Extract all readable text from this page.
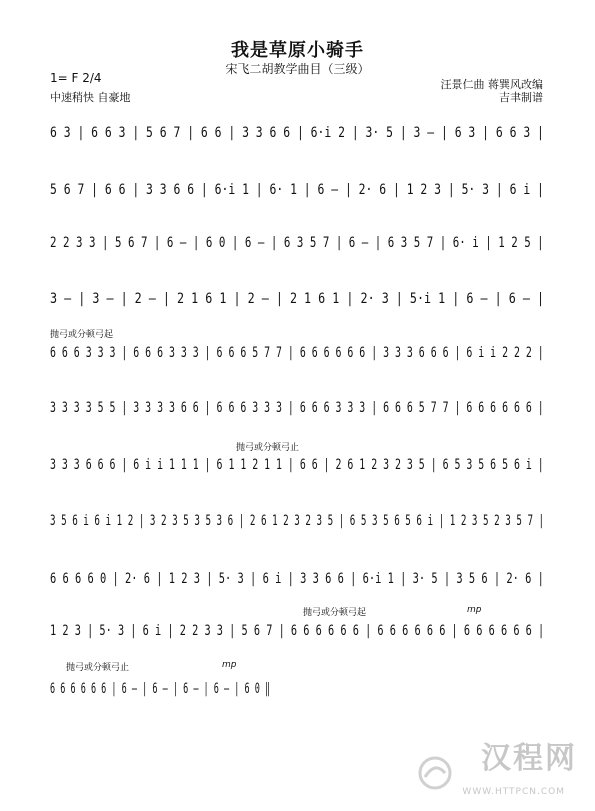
我是草原小骑手
宋飞二胡教学曲目（三级）
1= F 2/4
中速稍快 自豪地
汪景仁曲 蒋巽风改编
吉聿制谱
6 3 | 6 6 3 | 5 6 7 | 6 6 | 3 3 6 6 | 6·i 2 | 3· 5 | 3 — | 6 3 | 6 6 3 |
5 6 7 | 6 6 | 3 3 6 6 | 6·i 1 | 6· 1 | 6 — | 2· 6 | 1 2 3 | 5· 3 | 6 i |
2 2 3 3 | 5 6 7 | 6 — | 6 0 | 6 — | 6 3 5 7 | 6 — | 6 3 5 7 | 6· i | 1 2 5 |
3 — | 3 — | 2 — | 2 1 6 1 | 2 — | 2 1 6 1 | 2· 3 | 5·i 1 | 6 — | 6 — |
抛弓或分顿弓起
6 6 6 3 3 3 | 6 6 6 3 3 3 | 6 6 6 5 7 7 | 6 6 6 6 6 6 | 3 3 3 6 6 6 | 6 i i 2 2 2 |
3 3 3 3 5 5 | 3 3 3 3 6 6 | 6 6 6 3 3 3 | 6 6 6 3 3 3 | 6 6 6 5 7 7 | 6 6 6 6 6 6 |
抛弓或分顿弓止
3 3 3 6 6 6 | 6 i i 1 1 1 | 6 1 1 2 1 1 | 6 6 | 2 6 1 2 3 2 3 5 | 6 5 3 5 6 5 6 i |
3 5 6 i 6 i 1 2 | 3 2 3 5 3 5 3 6 | 2 6 1 2 3 2 3 5 | 6 5 3 5 6 5 6 i | 1 2 3 5 2 3 5 7 |
6 6 6 6 0 | 2· 6 | 1 2 3 | 5· 3 | 6 i | 3 3 6 6 | 6·i 1 | 3· 5 | 3 5 6 | 2· 6 |
抛弓或分顿弓起	mp
1 2 3 | 5· 3 | 6 i | 2 2 3 3 | 5 6 7 | 6 6 6 6 6 6 | 6 6 6 6 6 6 | 6 6 6 6 6 6 |
抛弓或分顿弓止	mp
6 6 6 6 6 6 | 6 — | 6 — | 6 — | 6 — | 6 0 ‖
汉程网
WWW.HTTPCN.COM
